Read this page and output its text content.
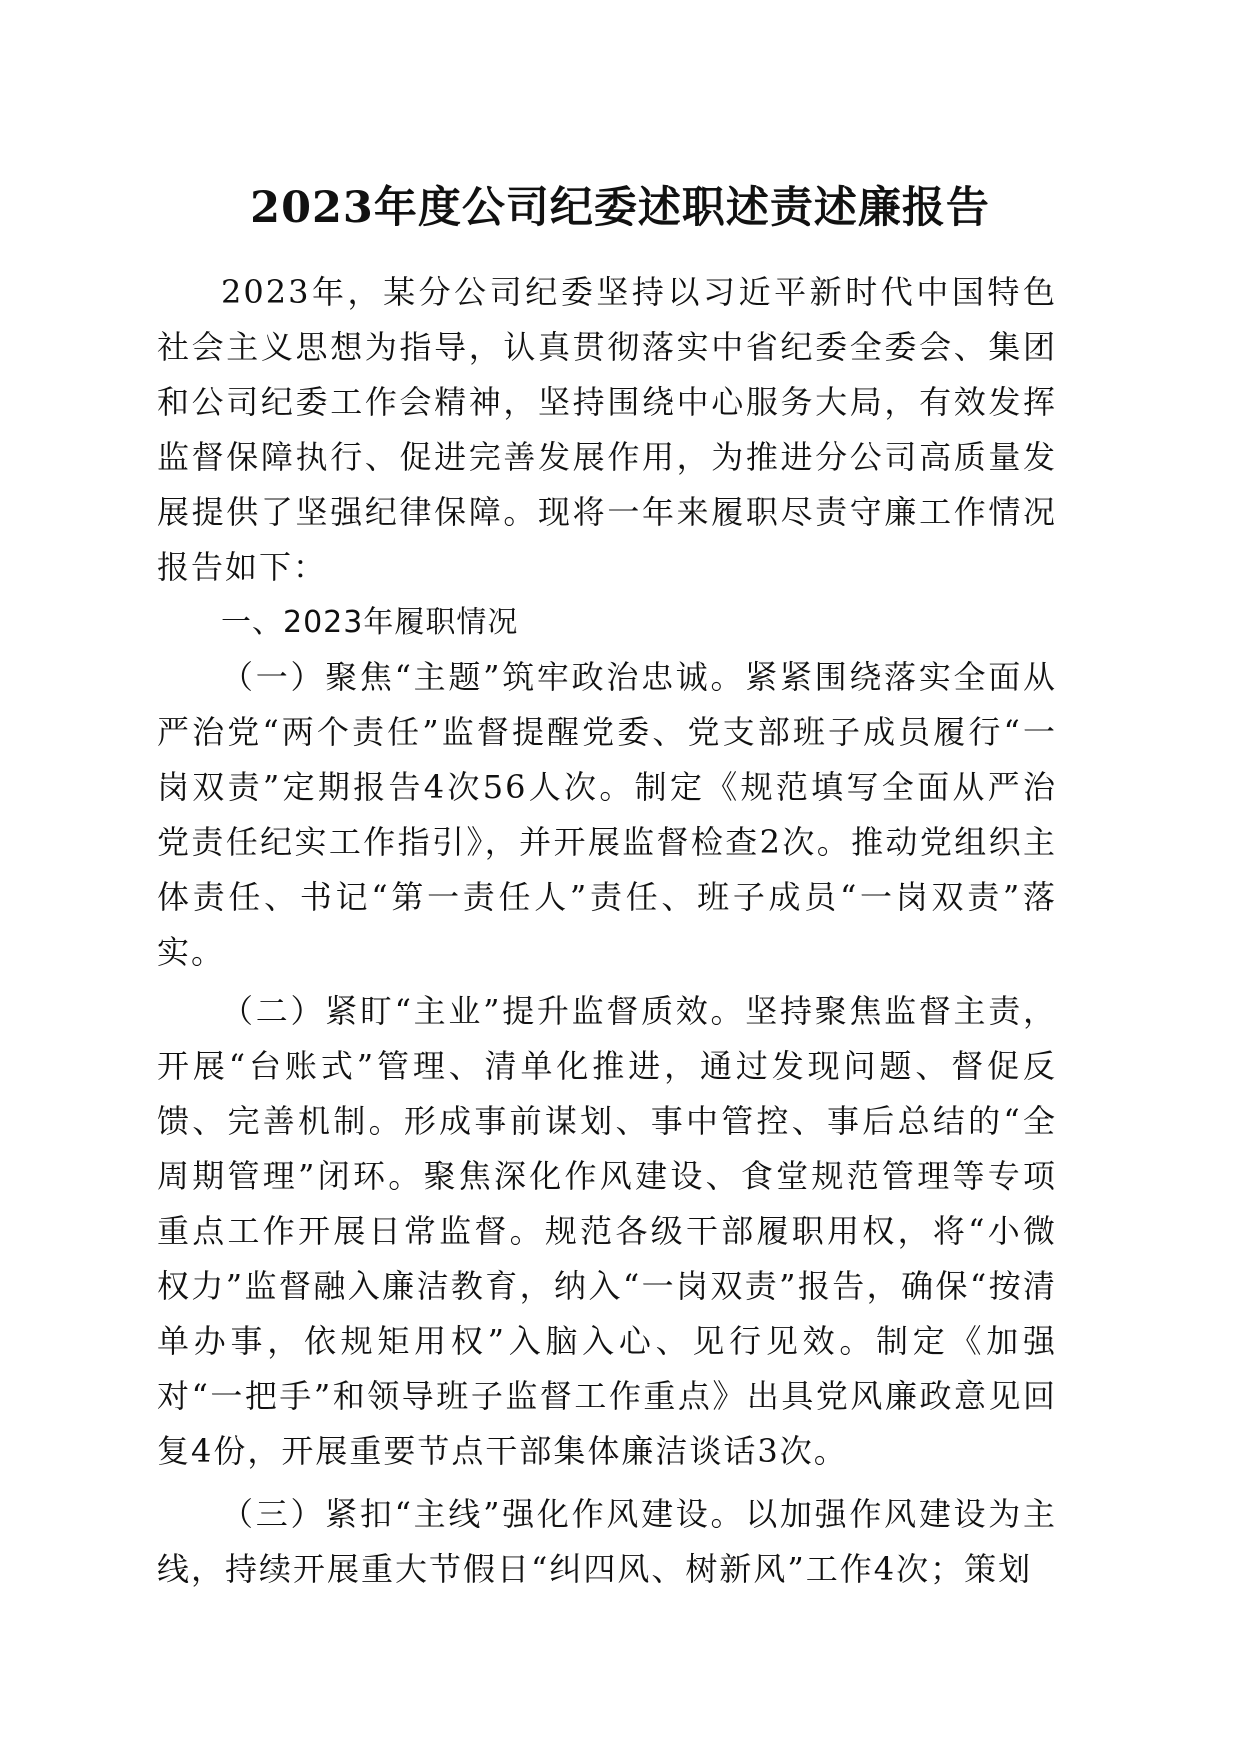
2023年度公司纪委述职述责述廉报告

2023年，某分公司纪委坚持以习近平新时代中国特色社会主义思想为指导，认真贯彻落实中省纪委全委会、集团和公司纪委工作会精神，坚持围绕中心服务大局，有效发挥监督保障执行、促进完善发展作用，为推进分公司高质量发展提供了坚强纪律保障。现将一年来履职尽责守廉工作情况报告如下：

一、2023年履职情况

（一）聚焦“主题”筑牢政治忠诚。紧紧围绕落实全面从严治党“两个责任”监督提醒党委、党支部班子成员履行“一岗双责”定期报告4次56人次。制定《规范填写全面从严治党责任纪实工作指引》，并开展监督检查2次。推动党组织主体责任、书记“第一责任人”责任、班子成员“一岗双责”落实。

（二）紧盯“主业”提升监督质效。坚持聚焦监督主责，开展“台账式”管理、清单化推进，通过发现问题、督促反馈、完善机制。形成事前谋划、事中管控、事后总结的“全周期管理”闭环。聚焦深化作风建设、食堂规范管理等专项重点工作开展日常监督。规范各级干部履职用权，将“小微权力”监督融入廉洁教育，纳入“一岗双责”报告，确保“按清单办事，依规矩用权”入脑入心、见行见效。制定《加强对“一把手”和领导班子监督工作重点》出具党风廉政意见回复4份，开展重要节点干部集体廉洁谈话3次。

（三）紧扣“主线”强化作风建设。以加强作风建设为主线，持续开展重大节假日“纠四风、树新风”工作4次；策划
